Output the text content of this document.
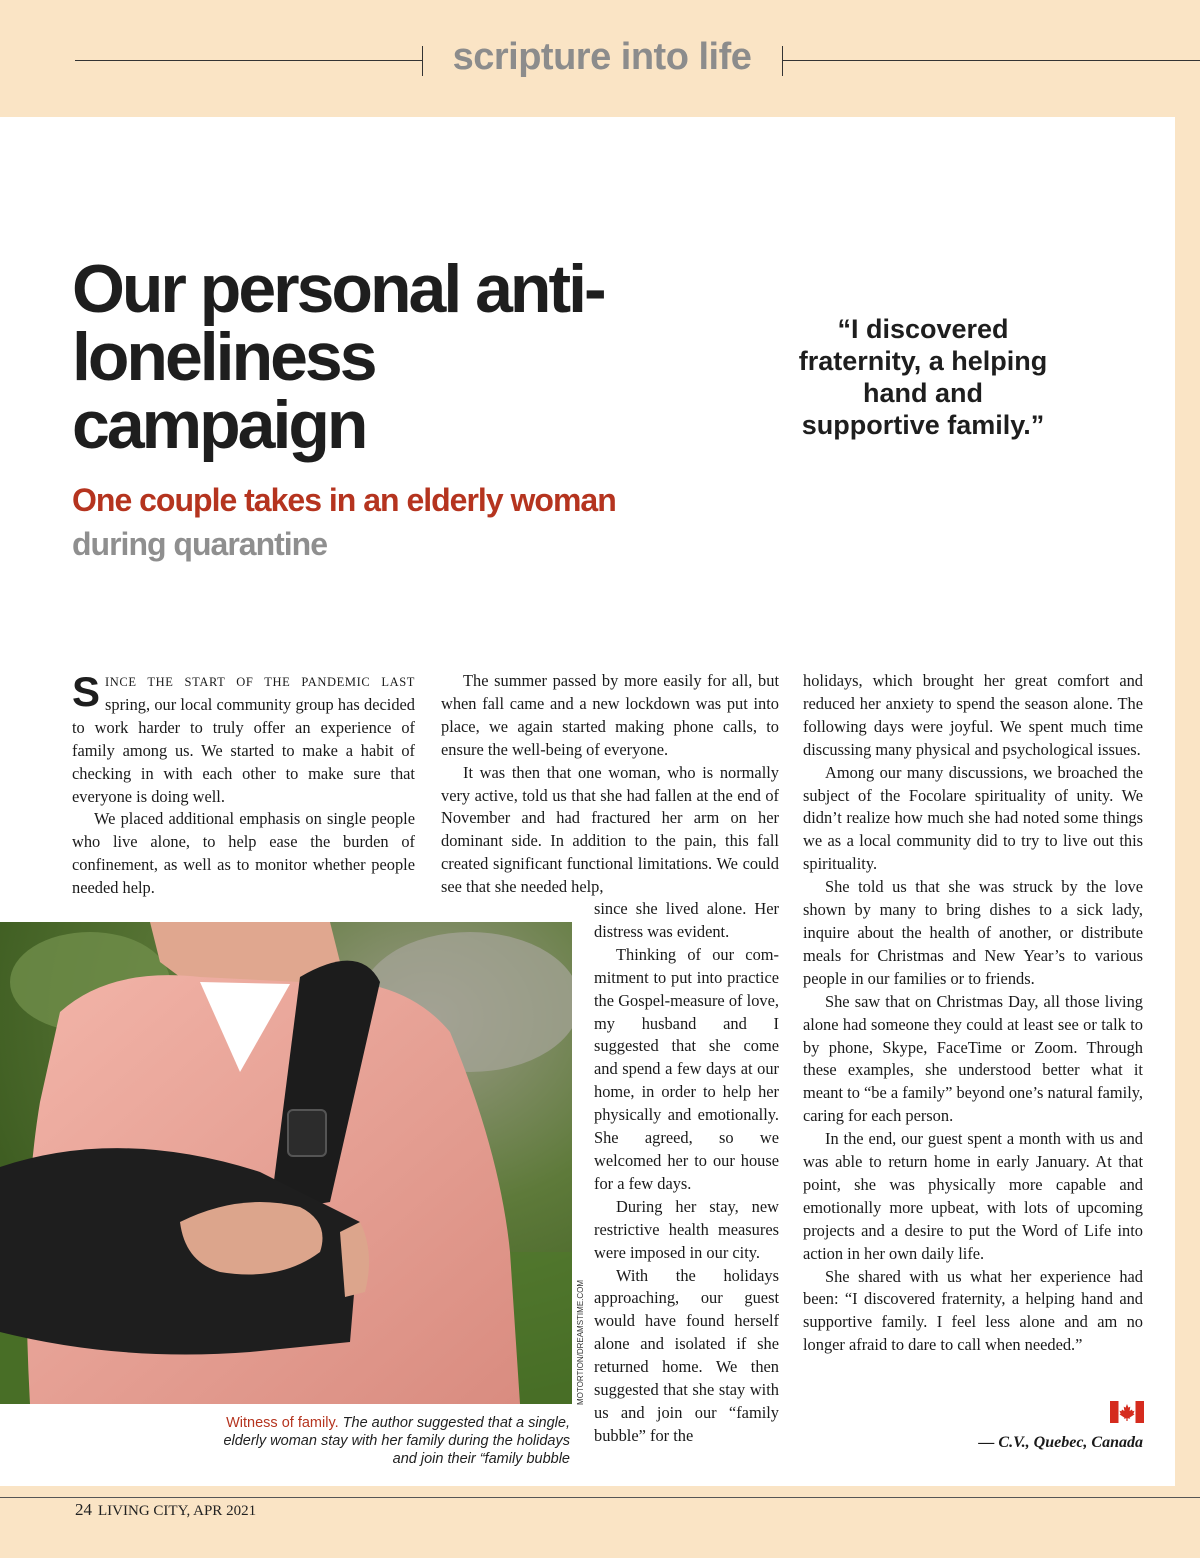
scripture into life
Our personal anti-loneliness campaign
One couple takes in an elderly woman during quarantine

“I discovered fraternity, a helping hand and supportive family.”

SINCE THE START OF THE PANDEMIC LAST spring, our local community group has decided to work harder to truly offer an experience of family among us. We started to make a habit of checking in with each other to make sure that everyone is doing well.

We placed additional emphasis on single people who live alone, to help ease the burden of confinement, as well as to monitor whether people needed help.

The summer passed by more easily for all, but when fall came and a new lockdown was put into place, we again started making phone calls, to ensure the well-being of everyone.

It was then that one woman, who is normally very active, told us that she had fallen at the end of November and had fractured her arm on her dominant side. In addition to the pain, this fall created significant functional limitations. We could see that she needed help,

since she lived alone. Her distress was evident.

Thinking of our commitment to put into practice the Gospel-measure of love, my husband and I suggested that she come and spend a few days at our home, in order to help her physically and emotionally. She agreed, so we welcomed her to our house for a few days.

During her stay, new restrictive health measures were imposed in our city.

With the holidays approaching, our guest would have found herself alone and isolated if she returned home. We then suggested that she stay with us and join our “family bubble” for the

holidays, which brought her great comfort and reduced her anxiety to spend the season alone. The following days were joyful. We spent much time discussing many physical and psychological issues.

Among our many discussions, we broached the subject of the Focolare spirituality of unity. We didn’t realize how much she had noted some things we as a local community did to try to live out this spirituality.

She told us that she was struck by the love shown by many to bring dishes to a sick lady, inquire about the health of another, or distribute meals for Christmas and New Year’s to various people in our families or to friends.

She saw that on Christmas Day, all those living alone had someone they could at least see or talk to by phone, Skype, FaceTime or Zoom. Through these examples, she understood better what it meant to “be a family” beyond one’s natural family, caring for each person.

In the end, our guest spent a month with us and was able to return home in early January. At that point, she was physically more capable and emotionally more upbeat, with lots of upcoming projects and a desire to put the Word of Life into action in her own daily life.

She shared with us what her experience had been: “I discovered fraternity, a helping hand and supportive family. I feel less alone and am no longer afraid to dare to call when needed.”

— C.V., Quebec, Canada

MOTORTION/DREAMSTIME.COM

Witness of family. The author suggested that a single, elderly woman stay with her family during the holidays and join their “family bubble

24 LIVING CITY, APR 2021
